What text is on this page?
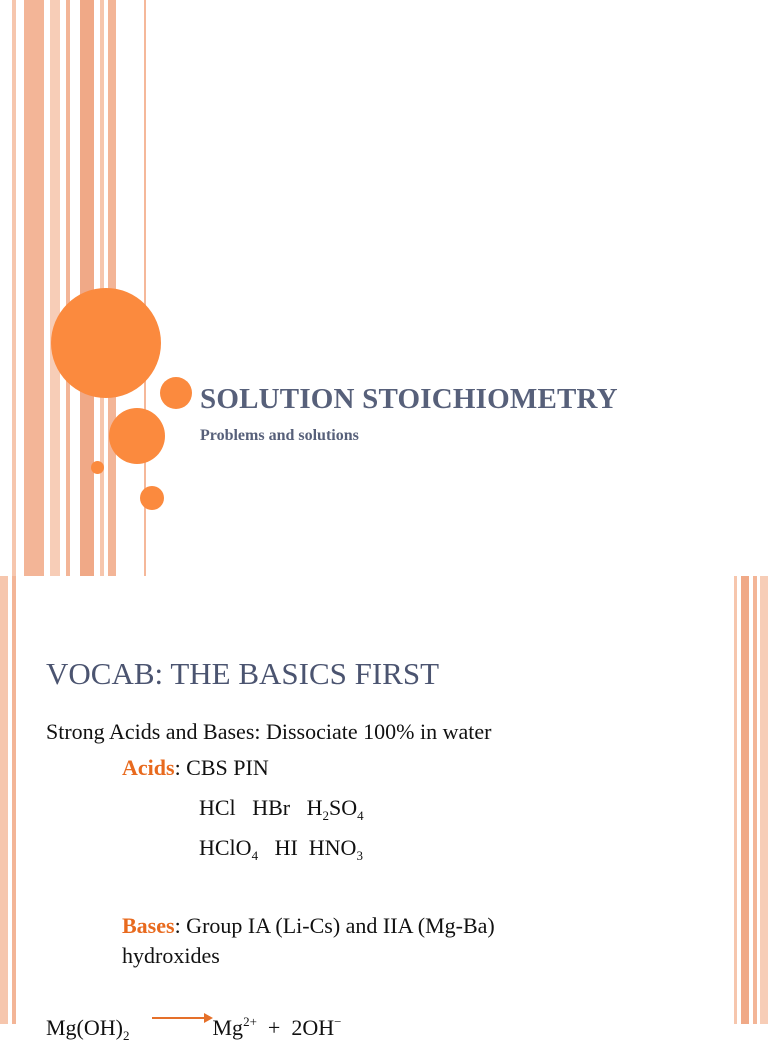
SOLUTION STOICHIOMETRY
Problems and solutions
VOCAB: THE BASICS FIRST
Strong Acids and Bases: Dissociate 100% in water
Acids: CBS PIN
HCl HBr $H_2SO_4$
HClO$_4$ HI $HNO_3$
Bases: Group IA (Li-Cs) and IIA (Mg-Ba)
hydroxides
$Mg(OH)_2$	$Mg^{2+} + 2OH^-$
